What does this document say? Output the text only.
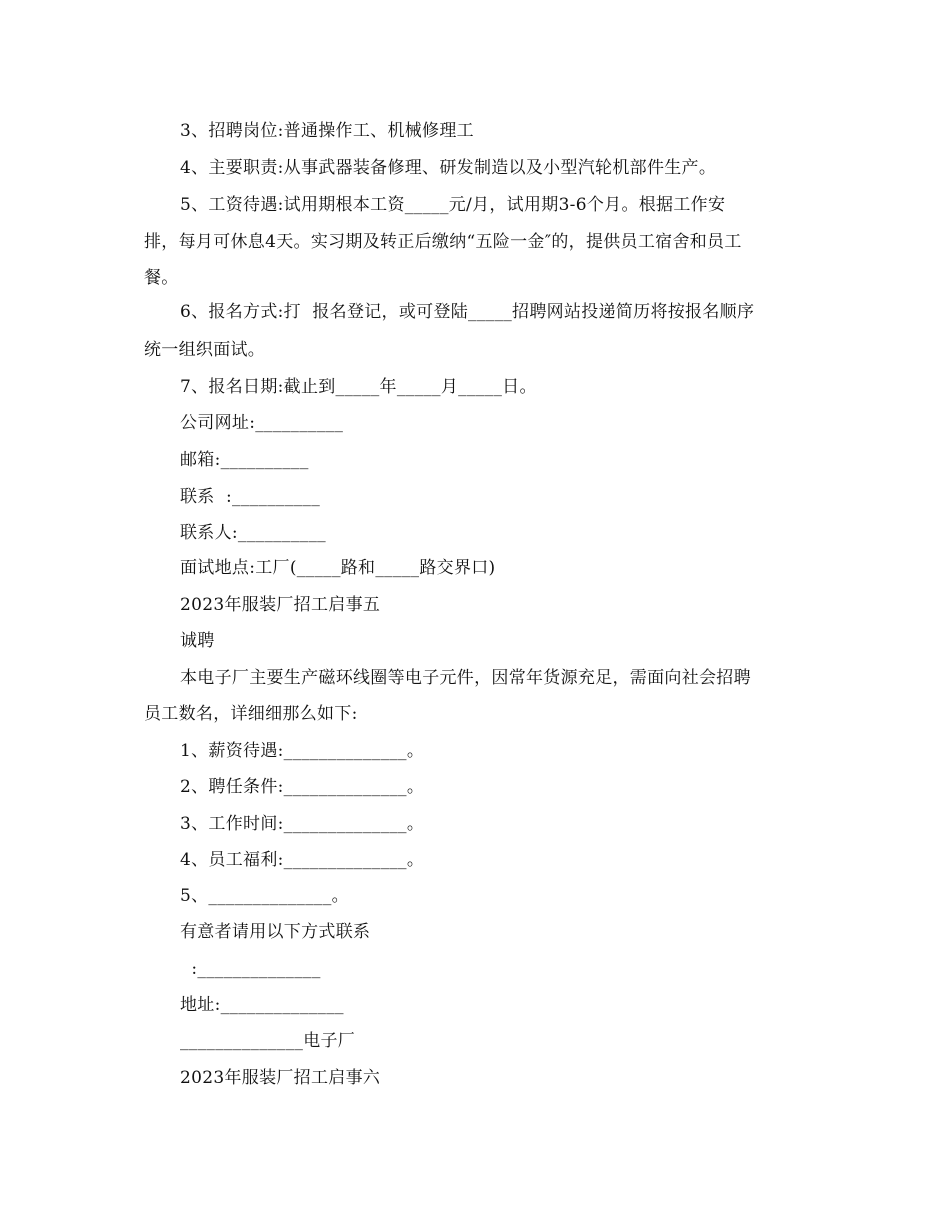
3、招聘岗位:普通操作工、机械修理工
4、主要职责:从事武器装备修理、研发制造以及小型汽轮机部件生产。
5、工资待遇:试用期根本工资_____元/月，试用期3-6个月。根据工作安
排，每月可休息4天。实习期及转正后缴纳“五险一金″的，提供员工宿舍和员工
餐。
6、报名方式:打  报名登记，或可登陆_____招聘网站投递简历将按报名顺序
统一组织面试。
7、报名日期:截止到_____年_____月_____日。
公司网址:__________
邮箱:__________
联系  :__________
联系人:__________
面试地点:工厂(_____路和_____路交界口)
2023年服装厂招工启事五
诚聘
本电子厂主要生产磁环线圈等电子元件，因常年货源充足，需面向社会招聘
员工数名，详细细那么如下:
1、薪资待遇:______________。
2、聘任条件:______________。
3、工作时间:______________。
4、员工福利:______________。
5、______________。
有意者请用以下方式联系
:______________
地址:______________
______________电子厂
2023年服装厂招工启事六
